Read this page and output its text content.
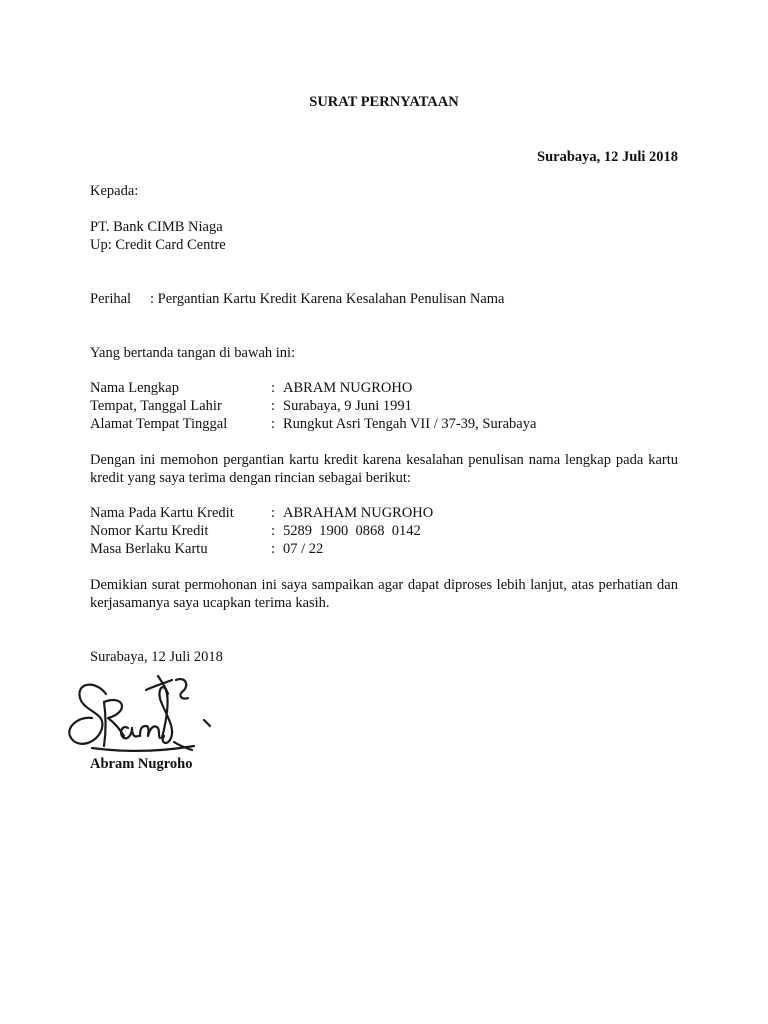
SURAT PERNYATAAN
Surabaya, 12 Juli 2018
Kepada:
PT. Bank CIMB Niaga
Up: Credit Card Centre
Perihal : Pergantian Kartu Kredit Karena Kesalahan Penulisan Nama
Yang bertanda tangan di bawah ini:
Nama Lengkap	: ABRAM NUGROHO
Tempat, Tanggal Lahir	: Surabaya, 9 Juni 1991
Alamat Tempat Tinggal	: Rungkut Asri Tengah VII / 37-39, Surabaya
Dengan ini memohon pergantian kartu kredit karena kesalahan penulisan nama lengkap pada kartu kredit yang saya terima dengan rincian sebagai berikut:
Nama Pada Kartu Kredit	: ABRAHAM NUGROHO
Nomor Kartu Kredit	: 5289  1900  0868  0142
Masa Berlaku Kartu	: 07 / 22
Demikian surat permohonan ini saya sampaikan agar dapat diproses lebih lanjut, atas perhatian dan kerjasamanya saya ucapkan terima kasih.
Surabaya, 12 Juli 2018
Abram Nugroho
